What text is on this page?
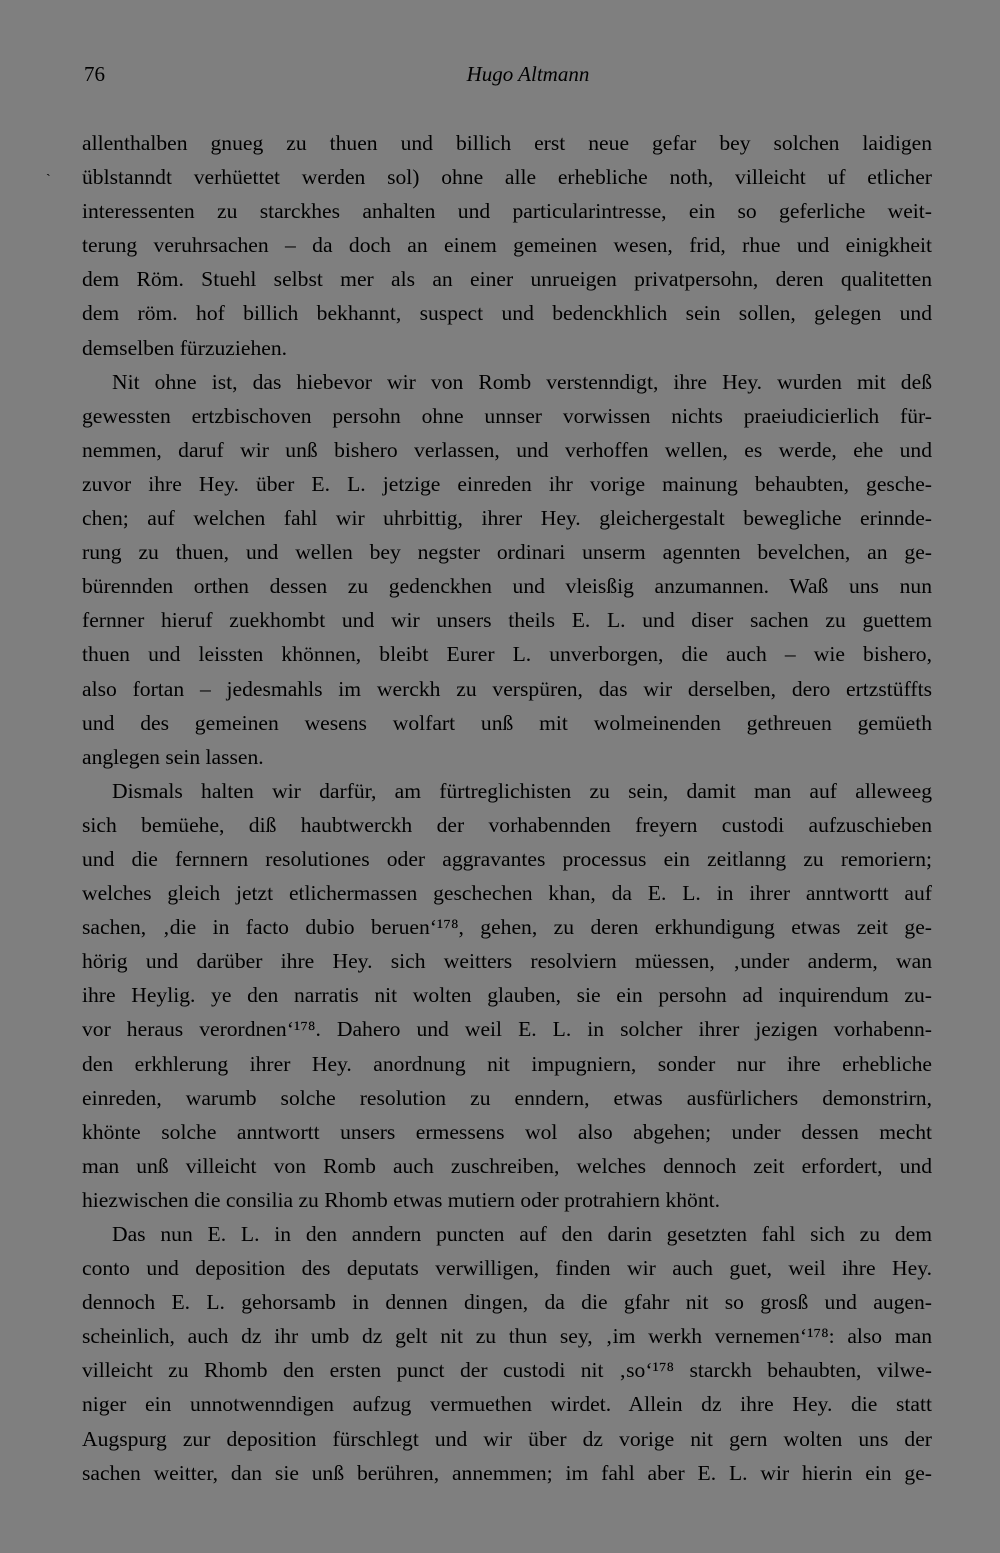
76	Hugo Altmann
ˎ
allenthalben gnueg zu thuen und billich erst neue gefar bey solchen laidigen
üblstanndt verhüettet werden sol) ohne alle erhebliche noth, villeicht uf etlicher
interessenten zu starckhes anhalten und particularintresse, ein so geferliche weit-
terung veruhrsachen – da doch an einem gemeinen wesen, frid, rhue und einigkheit
dem Röm. Stuehl selbst mer als an einer unrueigen privatpersohn, deren qualitetten
dem röm. hof billich bekhannt, suspect und bedenckhlich sein sollen, gelegen und
demselben fürzuziehen.
Nit ohne ist, das hiebevor wir von Romb verstenndigt, ihre Hey. wurden mit deß
gewessten ertzbischoven persohn ohne unnser vorwissen nichts praeiudicierlich für-
nemmen, daruf wir unß bishero verlassen, und verhoffen wellen, es werde, ehe und
zuvor ihre Hey. über E. L. jetzige einreden ihr vorige mainung behaubten, gesche-
chen; auf welchen fahl wir uhrbittig, ihrer Hey. gleichergestalt bewegliche erinnde-
rung zu thuen, und wellen bey negster ordinari unserm agennten bevelchen, an ge-
bürennden orthen dessen zu gedenckhen und vleisßig anzumannen. Waß uns nun
fernner hieruf zuekhombt und wir unsers theils E. L. und diser sachen zu guettem
thuen und leissten khönnen, bleibt Eurer L. unverborgen, die auch – wie bishero,
also fortan – jedesmahls im werckh zu verspüren, das wir derselben, dero ertzstüffts
und des gemeinen wesens wolfart unß mit wolmeinenden gethreuen gemüeth
anglegen sein lassen.
Dismals halten wir darfür, am fürtreglichisten zu sein, damit man auf alleweeg
sich bemüehe, diß haubtwerckh der vorhabennden freyern custodi aufzuschieben
und die fernnern resolutiones oder aggravantes processus ein zeitlanng zu remoriern;
welches gleich jetzt etlichermassen geschechen khan, da E. L. in ihrer anntwortt auf
sachen, ‚die in facto dubio beruen‘¹⁷⁸, gehen, zu deren erkhundigung etwas zeit ge-
hörig und darüber ihre Hey. sich weitters resolviern müessen, ‚under anderm, wan
ihre Heylig. ye den narratis nit wolten glauben, sie ein persohn ad inquirendum zu-
vor heraus verordnen‘¹⁷⁸. Dahero und weil E. L. in solcher ihrer jezigen vorhabenn-
den erkhlerung ihrer Hey. anordnung nit impugniern, sonder nur ihre erhebliche
einreden, warumb solche resolution zu enndern, etwas ausfürlichers demonstrirn,
khönte solche anntwortt unsers ermessens wol also abgehen; under dessen mecht
man unß villeicht von Romb auch zuschreiben, welches dennoch zeit erfordert, und
hiezwischen die consilia zu Rhomb etwas mutiern oder protrahiern khönt.
Das nun E. L. in den anndern puncten auf den darin gesetzten fahl sich zu dem
conto und deposition des deputats verwilligen, finden wir auch guet, weil ihre Hey.
dennoch E. L. gehorsamb in dennen dingen, da die gfahr nit so grosß und augen-
scheinlich, auch dz ihr umb dz gelt nit zu thun sey, ‚im werkh vernemen‘¹⁷⁸: also man
villeicht zu Rhomb den ersten punct der custodi nit ‚so‘¹⁷⁸ starckh behaubten, vilwe-
niger ein unnotwenndigen aufzug vermuethen wirdet. Allein dz ihre Hey. die statt
Augspurg zur deposition fürschlegt und wir über dz vorige nit gern wolten uns der
sachen weitter, dan sie unß berühren, annemmen; im fahl aber E. L. wir hierin ein ge-
